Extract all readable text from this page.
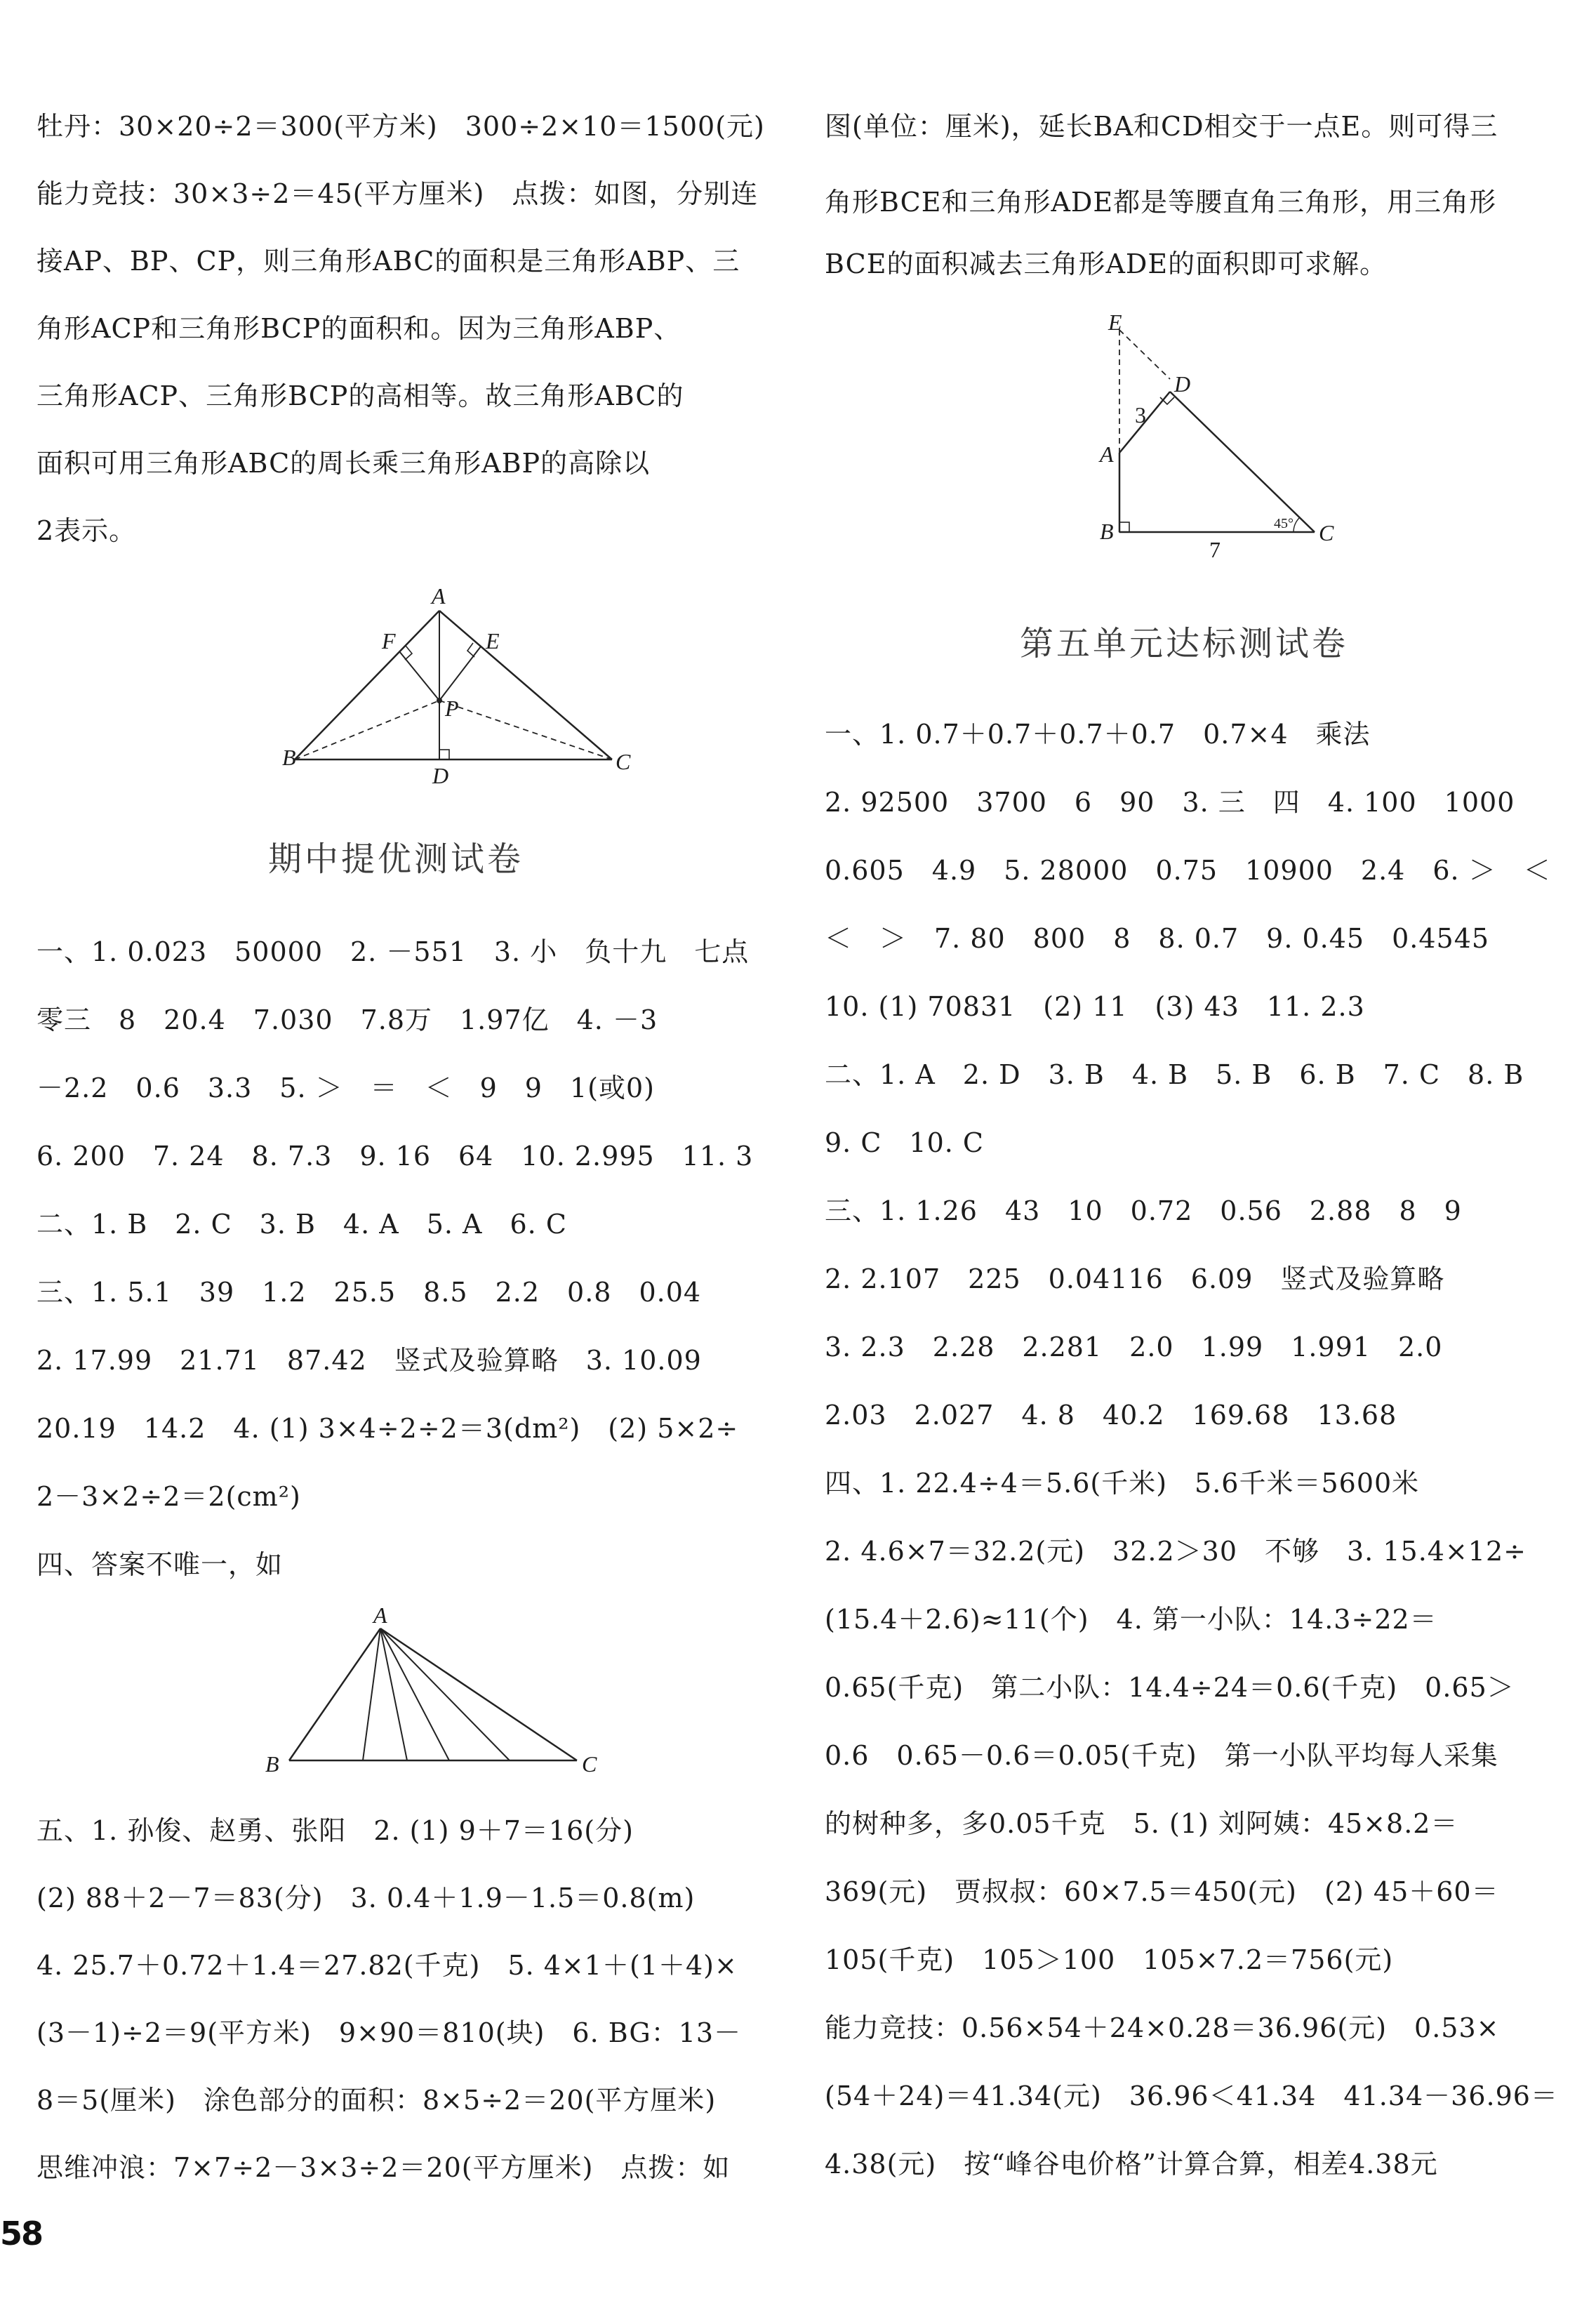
牡丹：30×20÷2＝300(平方米)　300÷2×10＝1500(元)
能力竞技：30×3÷2＝45(平方厘米)　点拨：如图，分别连
接AP、BP、CP，则三角形ABC的面积是三角形ABP、三
角形ACP和三角形BCP的面积和。因为三角形ABP、
三角形ACP、三角形BCP的高相等。故三角形ABC的
面积可用三角形ABC的周长乘三角形ABP的高除以
2表示。
A
B	C
D
E
F
P
期中提优测试卷
一、1. 0.023　50000　2. －551　3. 小　负十九　七点
零三　8　20.4　7.030　7.8万　1.97亿　4. －3
－2.2　0.6　3.3　5. ＞　＝　＜　9　9　1(或0)
6. 200　7. 24　8. 7.3　9. 16　64　10. 2.995　11. 3
二、1. B　2. C　3. B　4. A　5. A　6. C
三、1. 5.1　39　1.2　25.5　8.5　2.2　0.8　0.04
2. 17.99　21.71　87.42　竖式及验算略　3. 10.09
20.19　14.2　4. (1) 3×4÷2÷2＝3(dm²)　(2) 5×2÷
2－3×2÷2＝2(cm²)
四、答案不唯一，如
A
B	C
五、1. 孙俊、赵勇、张阳　2. (1) 9＋7＝16(分)
(2) 88＋2－7＝83(分)　3. 0.4＋1.9－1.5＝0.8(m)
4. 25.7＋0.72＋1.4＝27.82(千克)　5. 4×1＋(1＋4)×
(3－1)÷2＝9(平方米)　9×90＝810(块)　6. BG：13－
8＝5(厘米)　涂色部分的面积：8×5÷2＝20(平方厘米)
思维冲浪：7×7÷2－3×3÷2＝20(平方厘米)　点拨：如
58
图(单位：厘米)，延长BA和CD相交于一点E。则可得三
角形BCE和三角形ADE都是等腰直角三角形，用三角形
BCE的面积减去三角形ADE的面积即可求解。
E
D
A
B	C
3
7
45°
第五单元达标测试卷
一、1. 0.7＋0.7＋0.7＋0.7　0.7×4　乘法
2. 92500　3700　6　90　3. 三　四　4. 100　1000
0.605　4.9　5. 28000　0.75　10900　2.4　6. ＞　＜
＜　＞　7. 80　800　8　8. 0.7　9. 0.45　0.4545
10. (1) 70831　(2) 11　(3) 43　11. 2.3
二、1. A　2. D　3. B　4. B　5. B　6. B　7. C　8. B
9. C　10. C
三、1. 1.26　43　10　0.72　0.56　2.88　8　9
2. 2.107　225　0.04116　6.09　竖式及验算略
3. 2.3　2.28　2.281　2.0　1.99　1.991　2.0
2.03　2.027　4. 8　40.2　169.68　13.68
四、1. 22.4÷4＝5.6(千米)　5.6千米＝5600米
2. 4.6×7＝32.2(元)　32.2＞30　不够　3. 15.4×12÷
(15.4＋2.6)≈11(个)　4. 第一小队：14.3÷22＝
0.65(千克)　第二小队：14.4÷24＝0.6(千克)　0.65＞
0.6　0.65－0.6＝0.05(千克)　第一小队平均每人采集
的树种多，多0.05千克　5. (1) 刘阿姨：45×8.2＝
369(元)　贾叔叔：60×7.5＝450(元)　(2) 45＋60＝
105(千克)　105＞100　105×7.2＝756(元)
能力竞技：0.56×54＋24×0.28＝36.96(元)　0.53×
(54＋24)＝41.34(元)　36.96＜41.34　41.34－36.96＝
4.38(元)　按“峰谷电价格”计算合算，相差4.38元
